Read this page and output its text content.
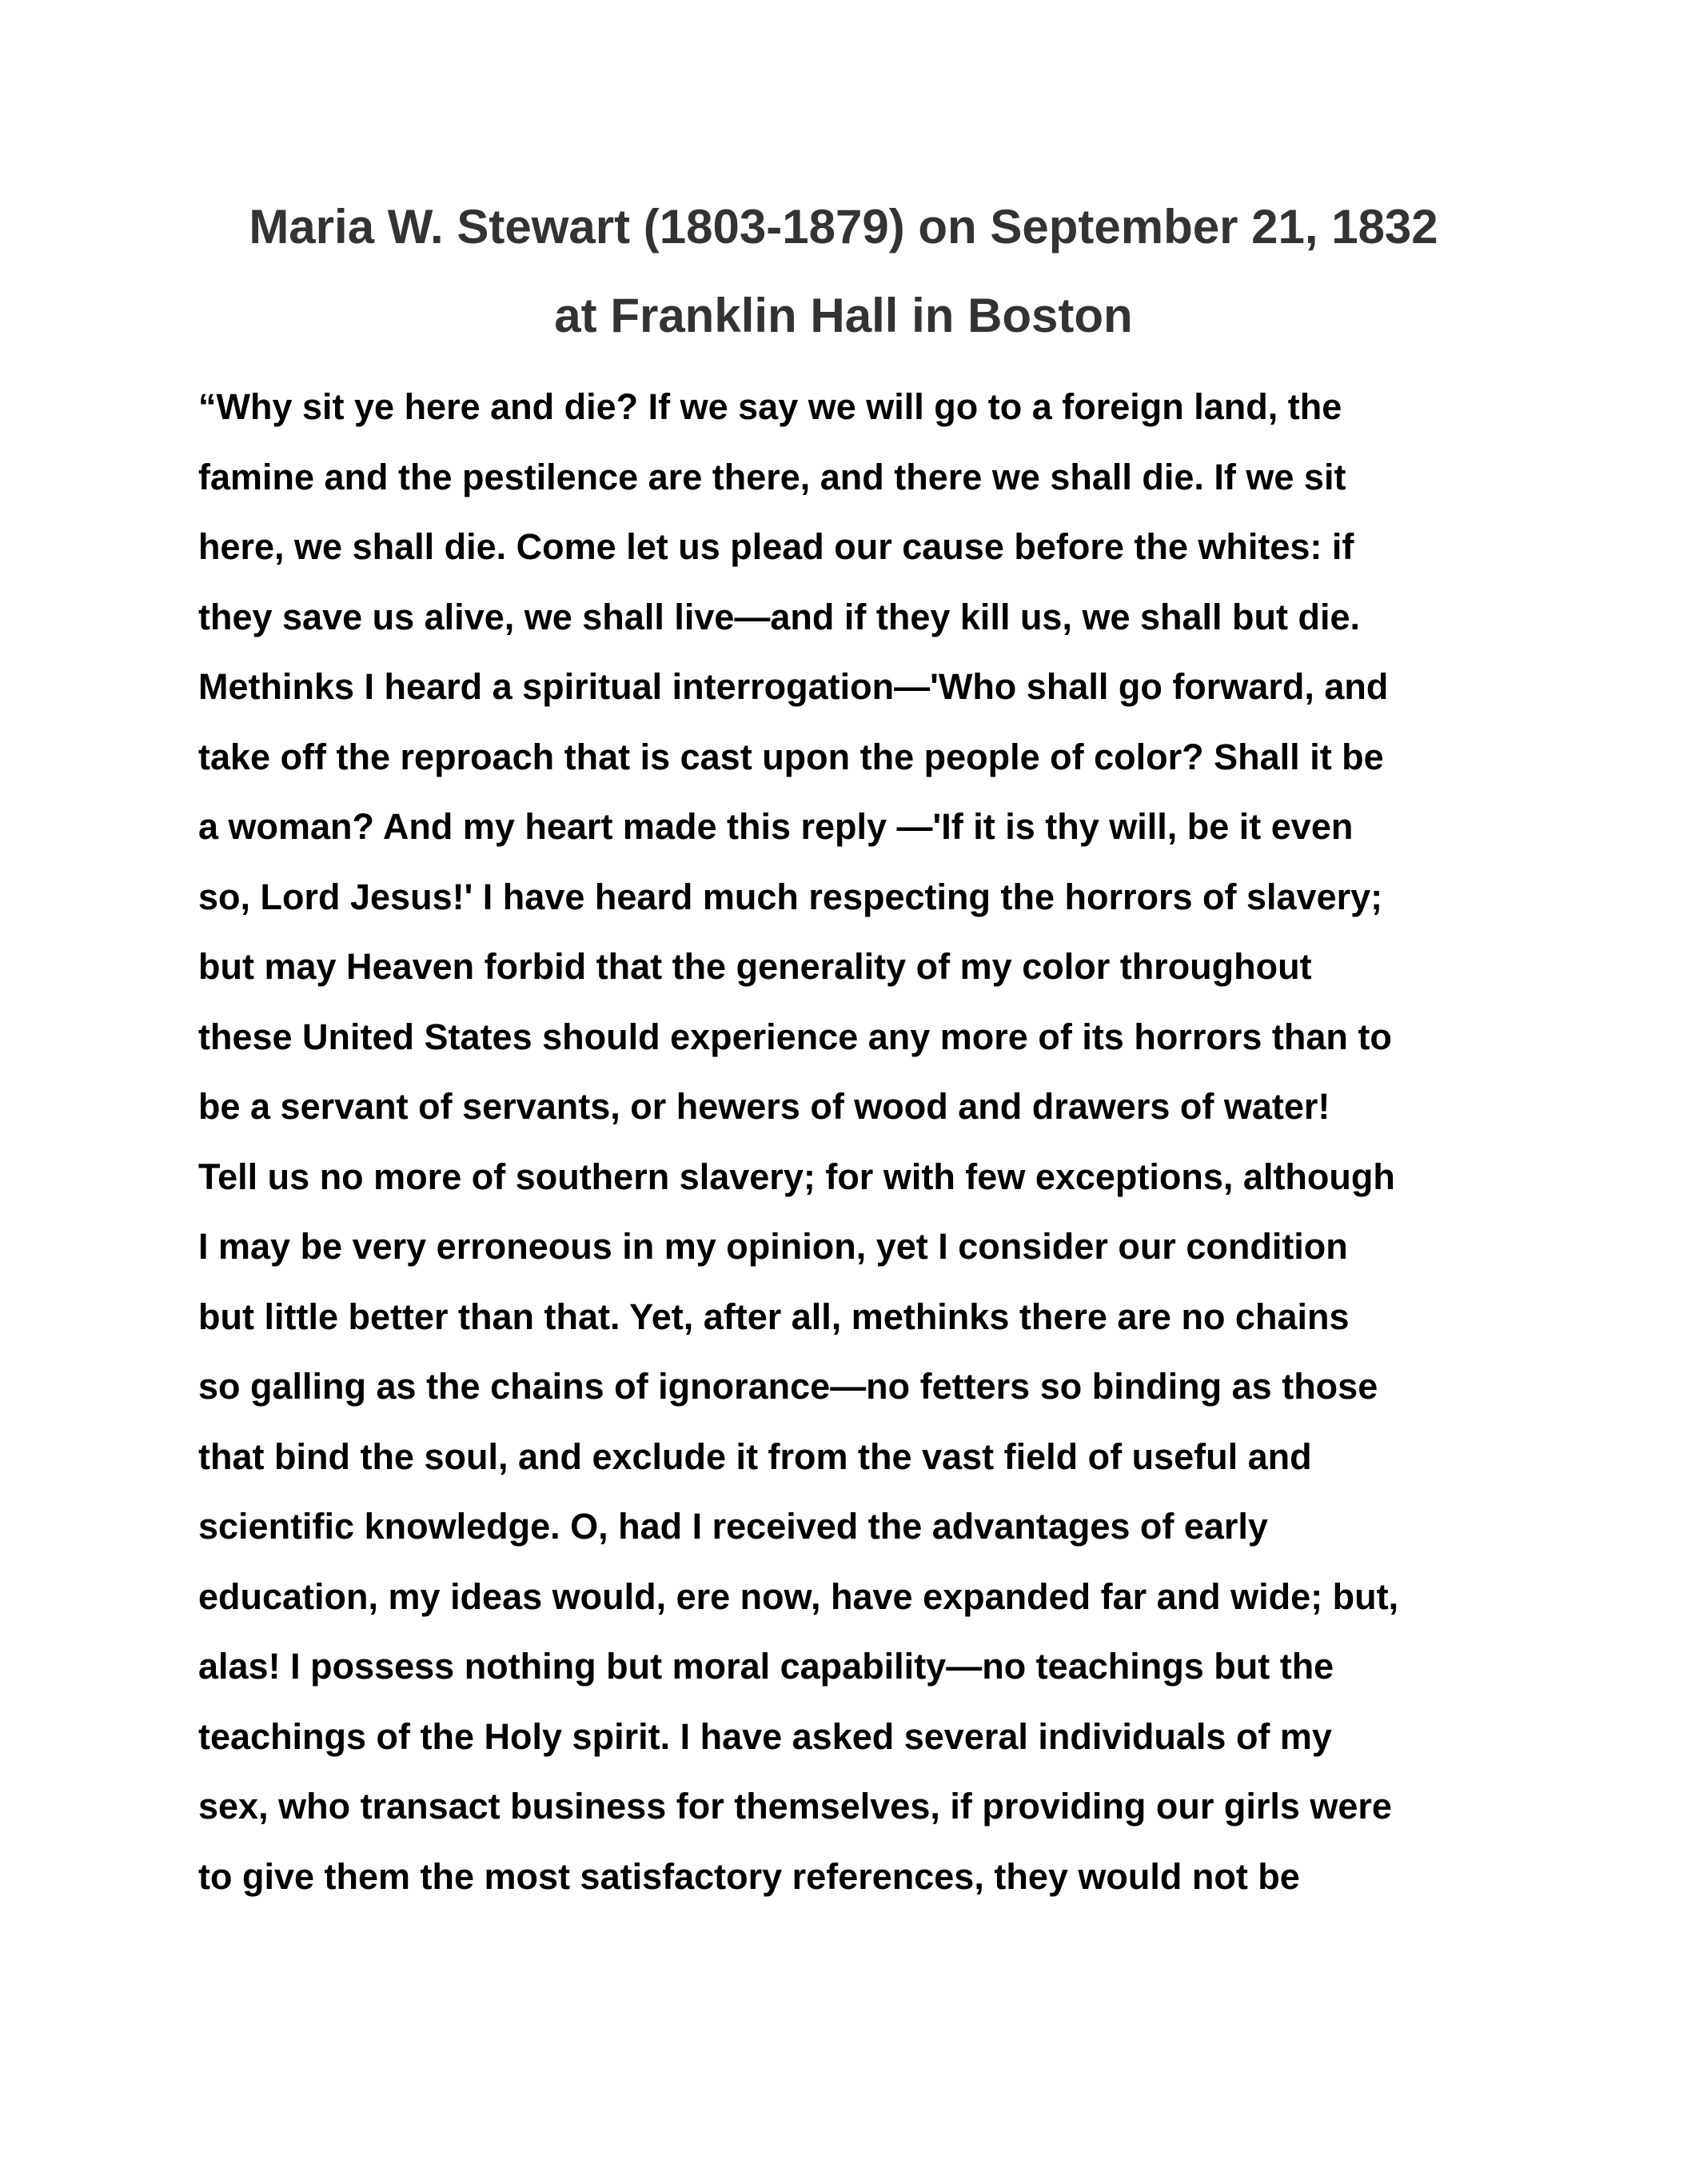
Maria W. Stewart (1803-1879) on September 21, 1832
at Franklin Hall in Boston
“Why sit ye here and die? If we say we will go to a foreign land, the
famine and the pestilence are there, and there we shall die. If we sit
here, we shall die. Come let us plead our cause before the whites: if
they save us alive, we shall live—and if they kill us, we shall but die.
Methinks I heard a spiritual interrogation—'Who shall go forward, and
take off the reproach that is cast upon the people of color? Shall it be
a woman? And my heart made this reply —'If it is thy will, be it even
so, Lord Jesus!' I have heard much respecting the horrors of slavery;
but may Heaven forbid that the generality of my color throughout
these United States should experience any more of its horrors than to
be a servant of servants, or hewers of wood and drawers of water!
Tell us no more of southern slavery; for with few exceptions, although
I may be very erroneous in my opinion, yet I consider our condition
but little better than that. Yet, after all, methinks there are no chains
so galling as the chains of ignorance—no fetters so binding as those
that bind the soul, and exclude it from the vast field of useful and
scientific knowledge. O, had I received the advantages of early
education, my ideas would, ere now, have expanded far and wide; but,
alas! I possess nothing but moral capability—no teachings but the
teachings of the Holy spirit. I have asked several individuals of my
sex, who transact business for themselves, if providing our girls were
to give them the most satisfactory references, they would not be
